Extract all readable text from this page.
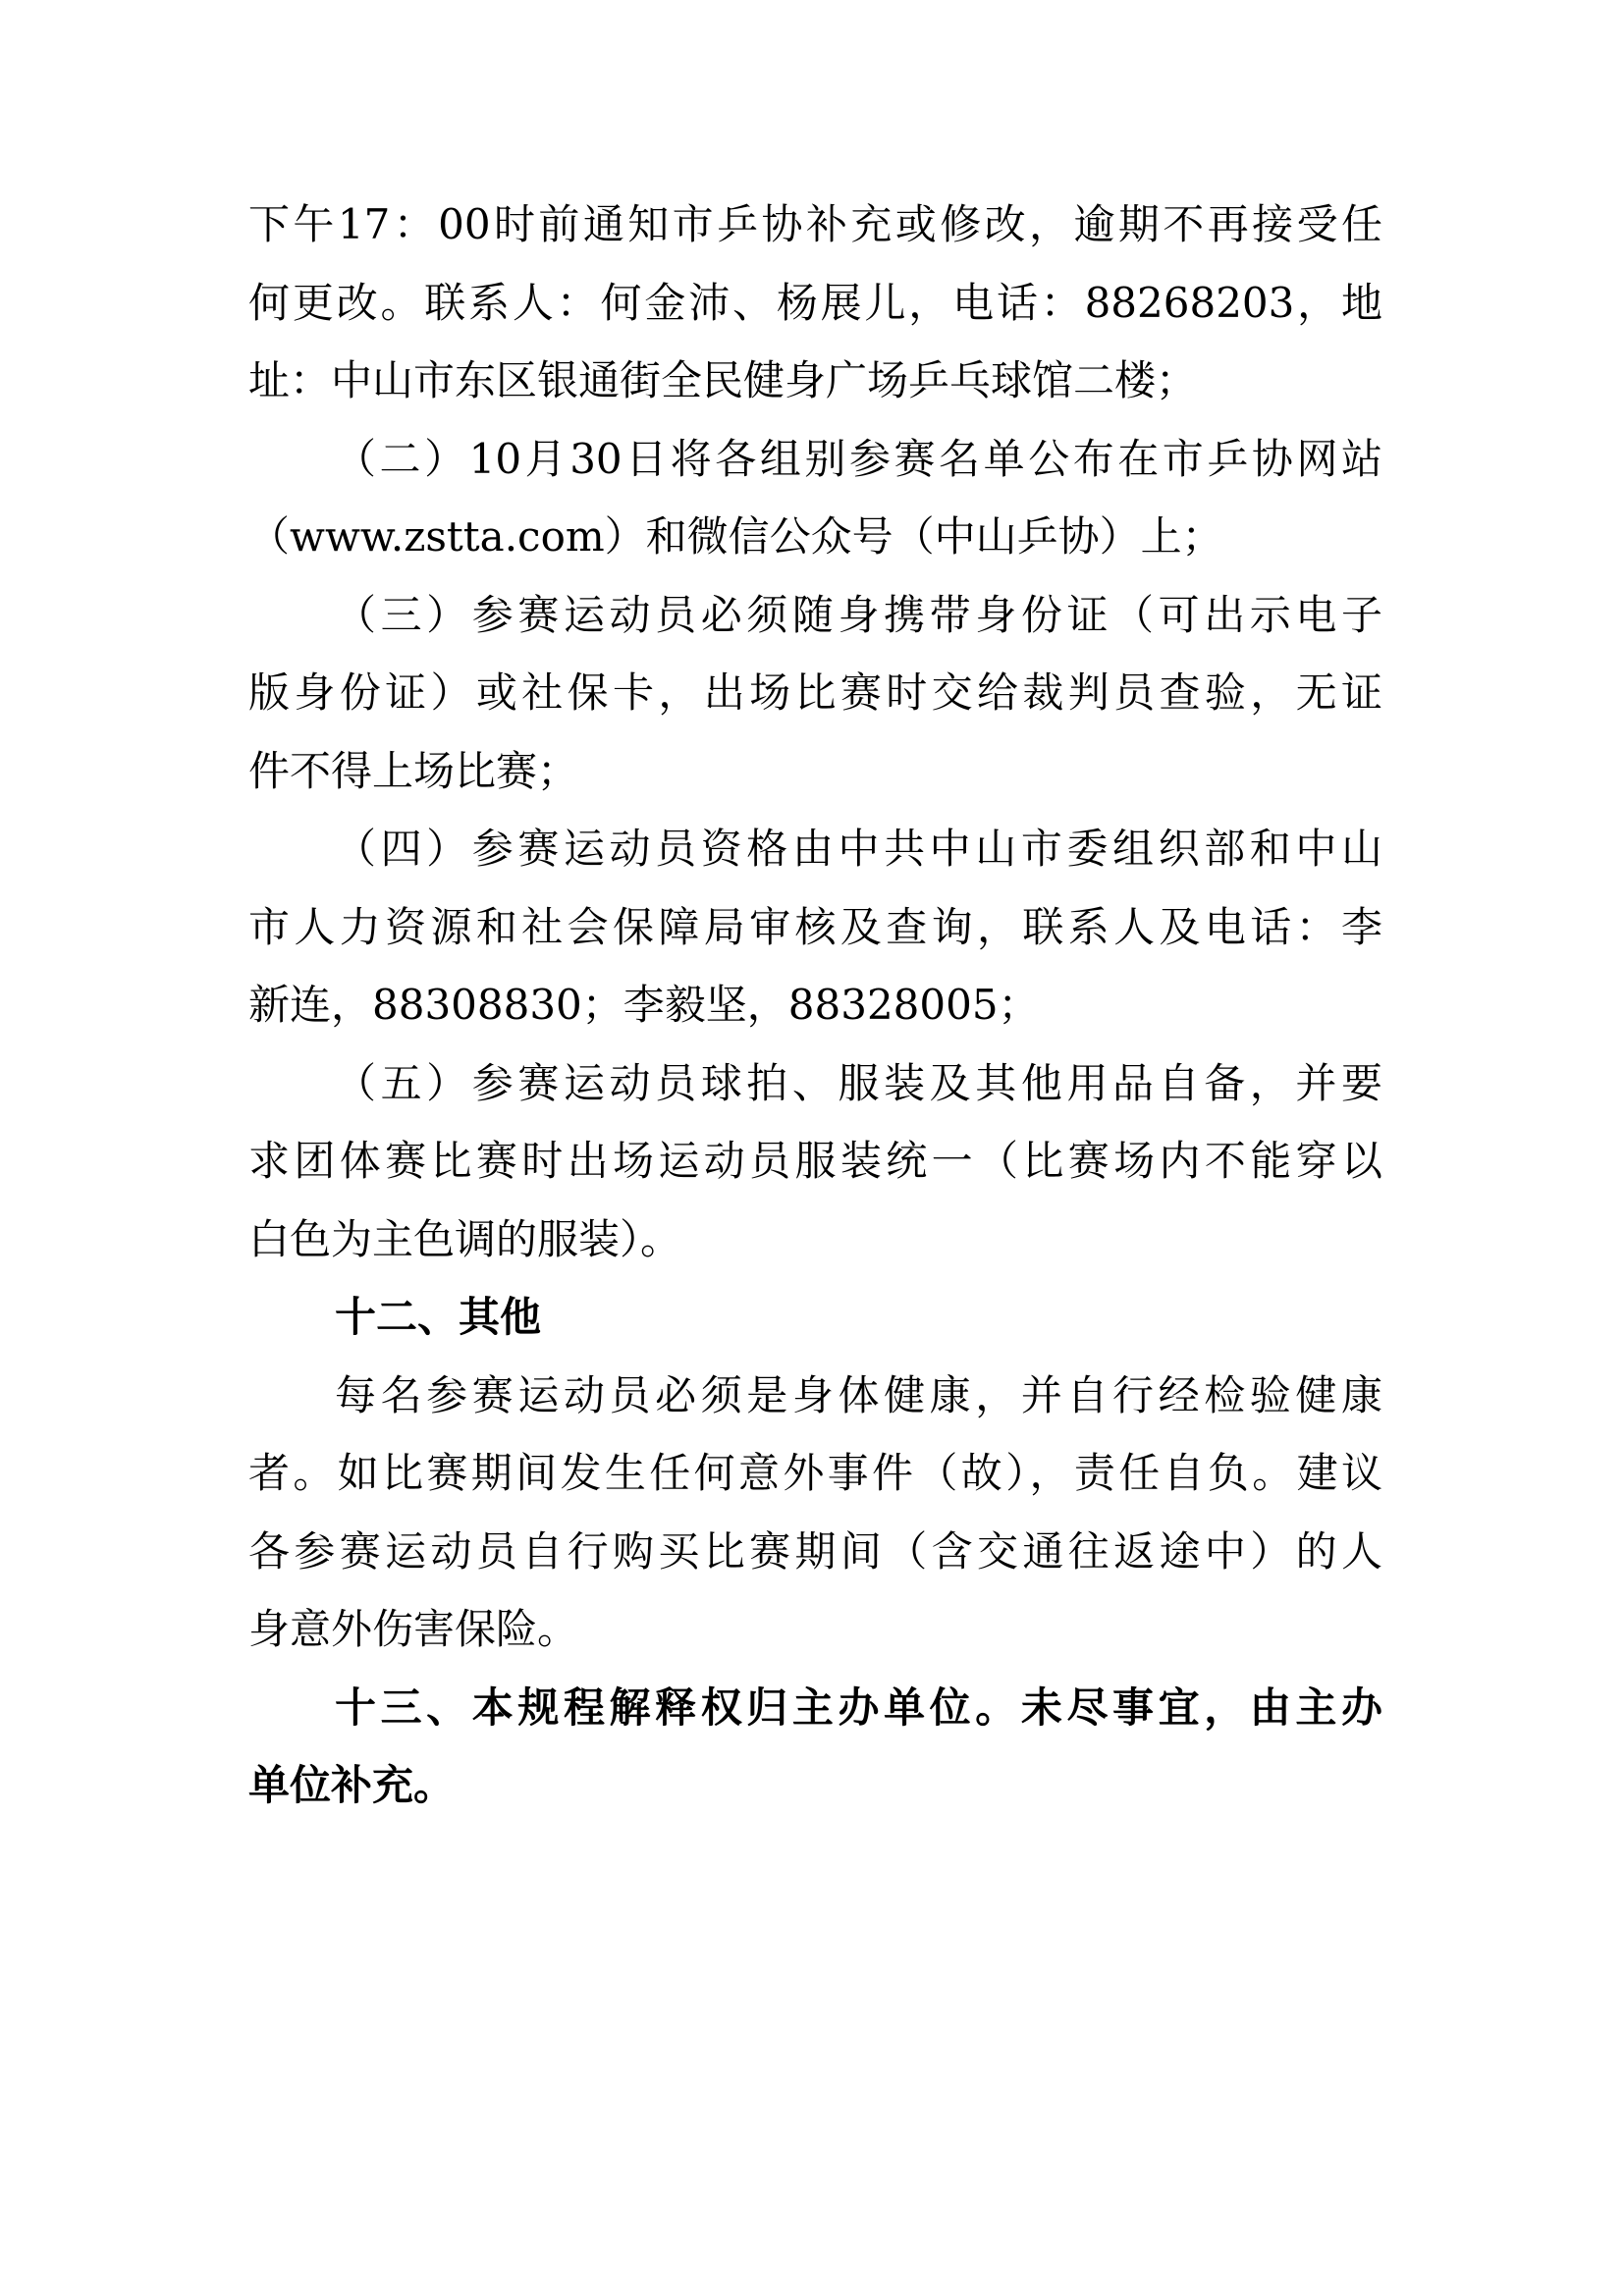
下午17：00时前通知市乒协补充或修改，逾期不再接受任
何更改。联系人：何金沛、杨展儿，电话：88268203，地
址：中山市东区银通街全民健身广场乒乓球馆二楼；
（二）10月30日将各组别参赛名单公布在市乒协网站
（www.zstta.com）和微信公众号（中山乒协）上；
（三）参赛运动员必须随身携带身份证（可出示电子
版身份证）或社保卡，出场比赛时交给裁判员查验，无证
件不得上场比赛；
（四）参赛运动员资格由中共中山市委组织部和中山
市人力资源和社会保障局审核及查询，联系人及电话：李
新连，88308830；李毅坚，88328005；
（五）参赛运动员球拍、服装及其他用品自备，并要
求团体赛比赛时出场运动员服装统一（比赛场内不能穿以
白色为主色调的服装）。
十二、其他
每名参赛运动员必须是身体健康，并自行经检验健康
者。如比赛期间发生任何意外事件（故），责任自负。建议
各参赛运动员自行购买比赛期间（含交通往返途中）的人
身意外伤害保险。
十三、本规程解释权归主办单位。未尽事宜，由主办
单位补充。
